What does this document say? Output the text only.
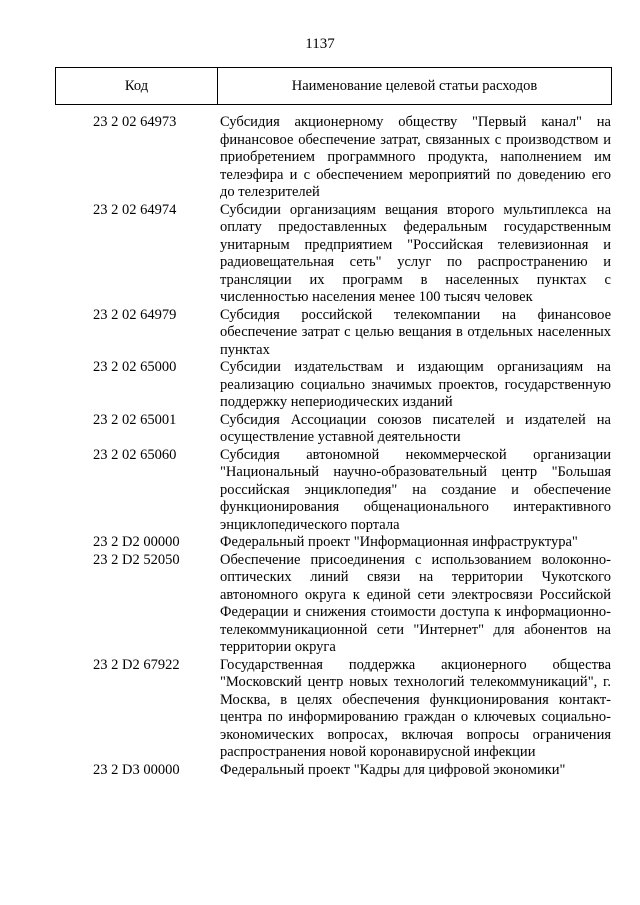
1137
Код	Наименование целевой статьи расходов
23 2 02 64973	Субсидия акционерному обществу "Первый канал" на финансовое обеспечение затрат, связанных с производством и приобретением программного продукта, наполнением им телеэфира и с обеспечением мероприятий по доведению его до телезрителей
23 2 02 64974	Субсидии организациям вещания второго мультиплекса на оплату предоставленных федеральным государственным унитарным предприятием "Российская телевизионная и радиовещательная сеть" услуг по распространению и трансляции их программ в населенных пунктах с численностью населения менее 100 тысяч человек
23 2 02 64979	Субсидия российской телекомпании на финансовое обеспечение затрат с целью вещания в отдельных населенных пунктах
23 2 02 65000	Субсидии издательствам и издающим организациям на реализацию социально значимых проектов, государственную поддержку непериодических изданий
23 2 02 65001	Субсидия Ассоциации союзов писателей и издателей на осуществление уставной деятельности
23 2 02 65060	Субсидия автономной некоммерческой организации "Национальный научно-образовательный центр "Большая российская энциклопедия" на создание и обеспечение функционирования общенационального интерактивного энциклопедического портала
23 2 D2 00000	Федеральный проект "Информационная инфраструктура"
23 2 D2 52050	Обеспечение присоединения с использованием волоконно-оптических линий связи на территории Чукотского автономного округа к единой сети электросвязи Российской Федерации и снижения стоимости доступа к информационно-телекоммуникационной сети "Интернет" для абонентов на территории округа
23 2 D2 67922	Государственная поддержка акционерного общества "Московский центр новых технологий телекоммуникаций", г. Москва, в целях обеспечения функционирования контакт-центра по информированию граждан о ключевых социально-экономических вопросах, включая вопросы ограничения распространения новой коронавирусной инфекции
23 2 D3 00000	Федеральный проект "Кадры для цифровой экономики"
